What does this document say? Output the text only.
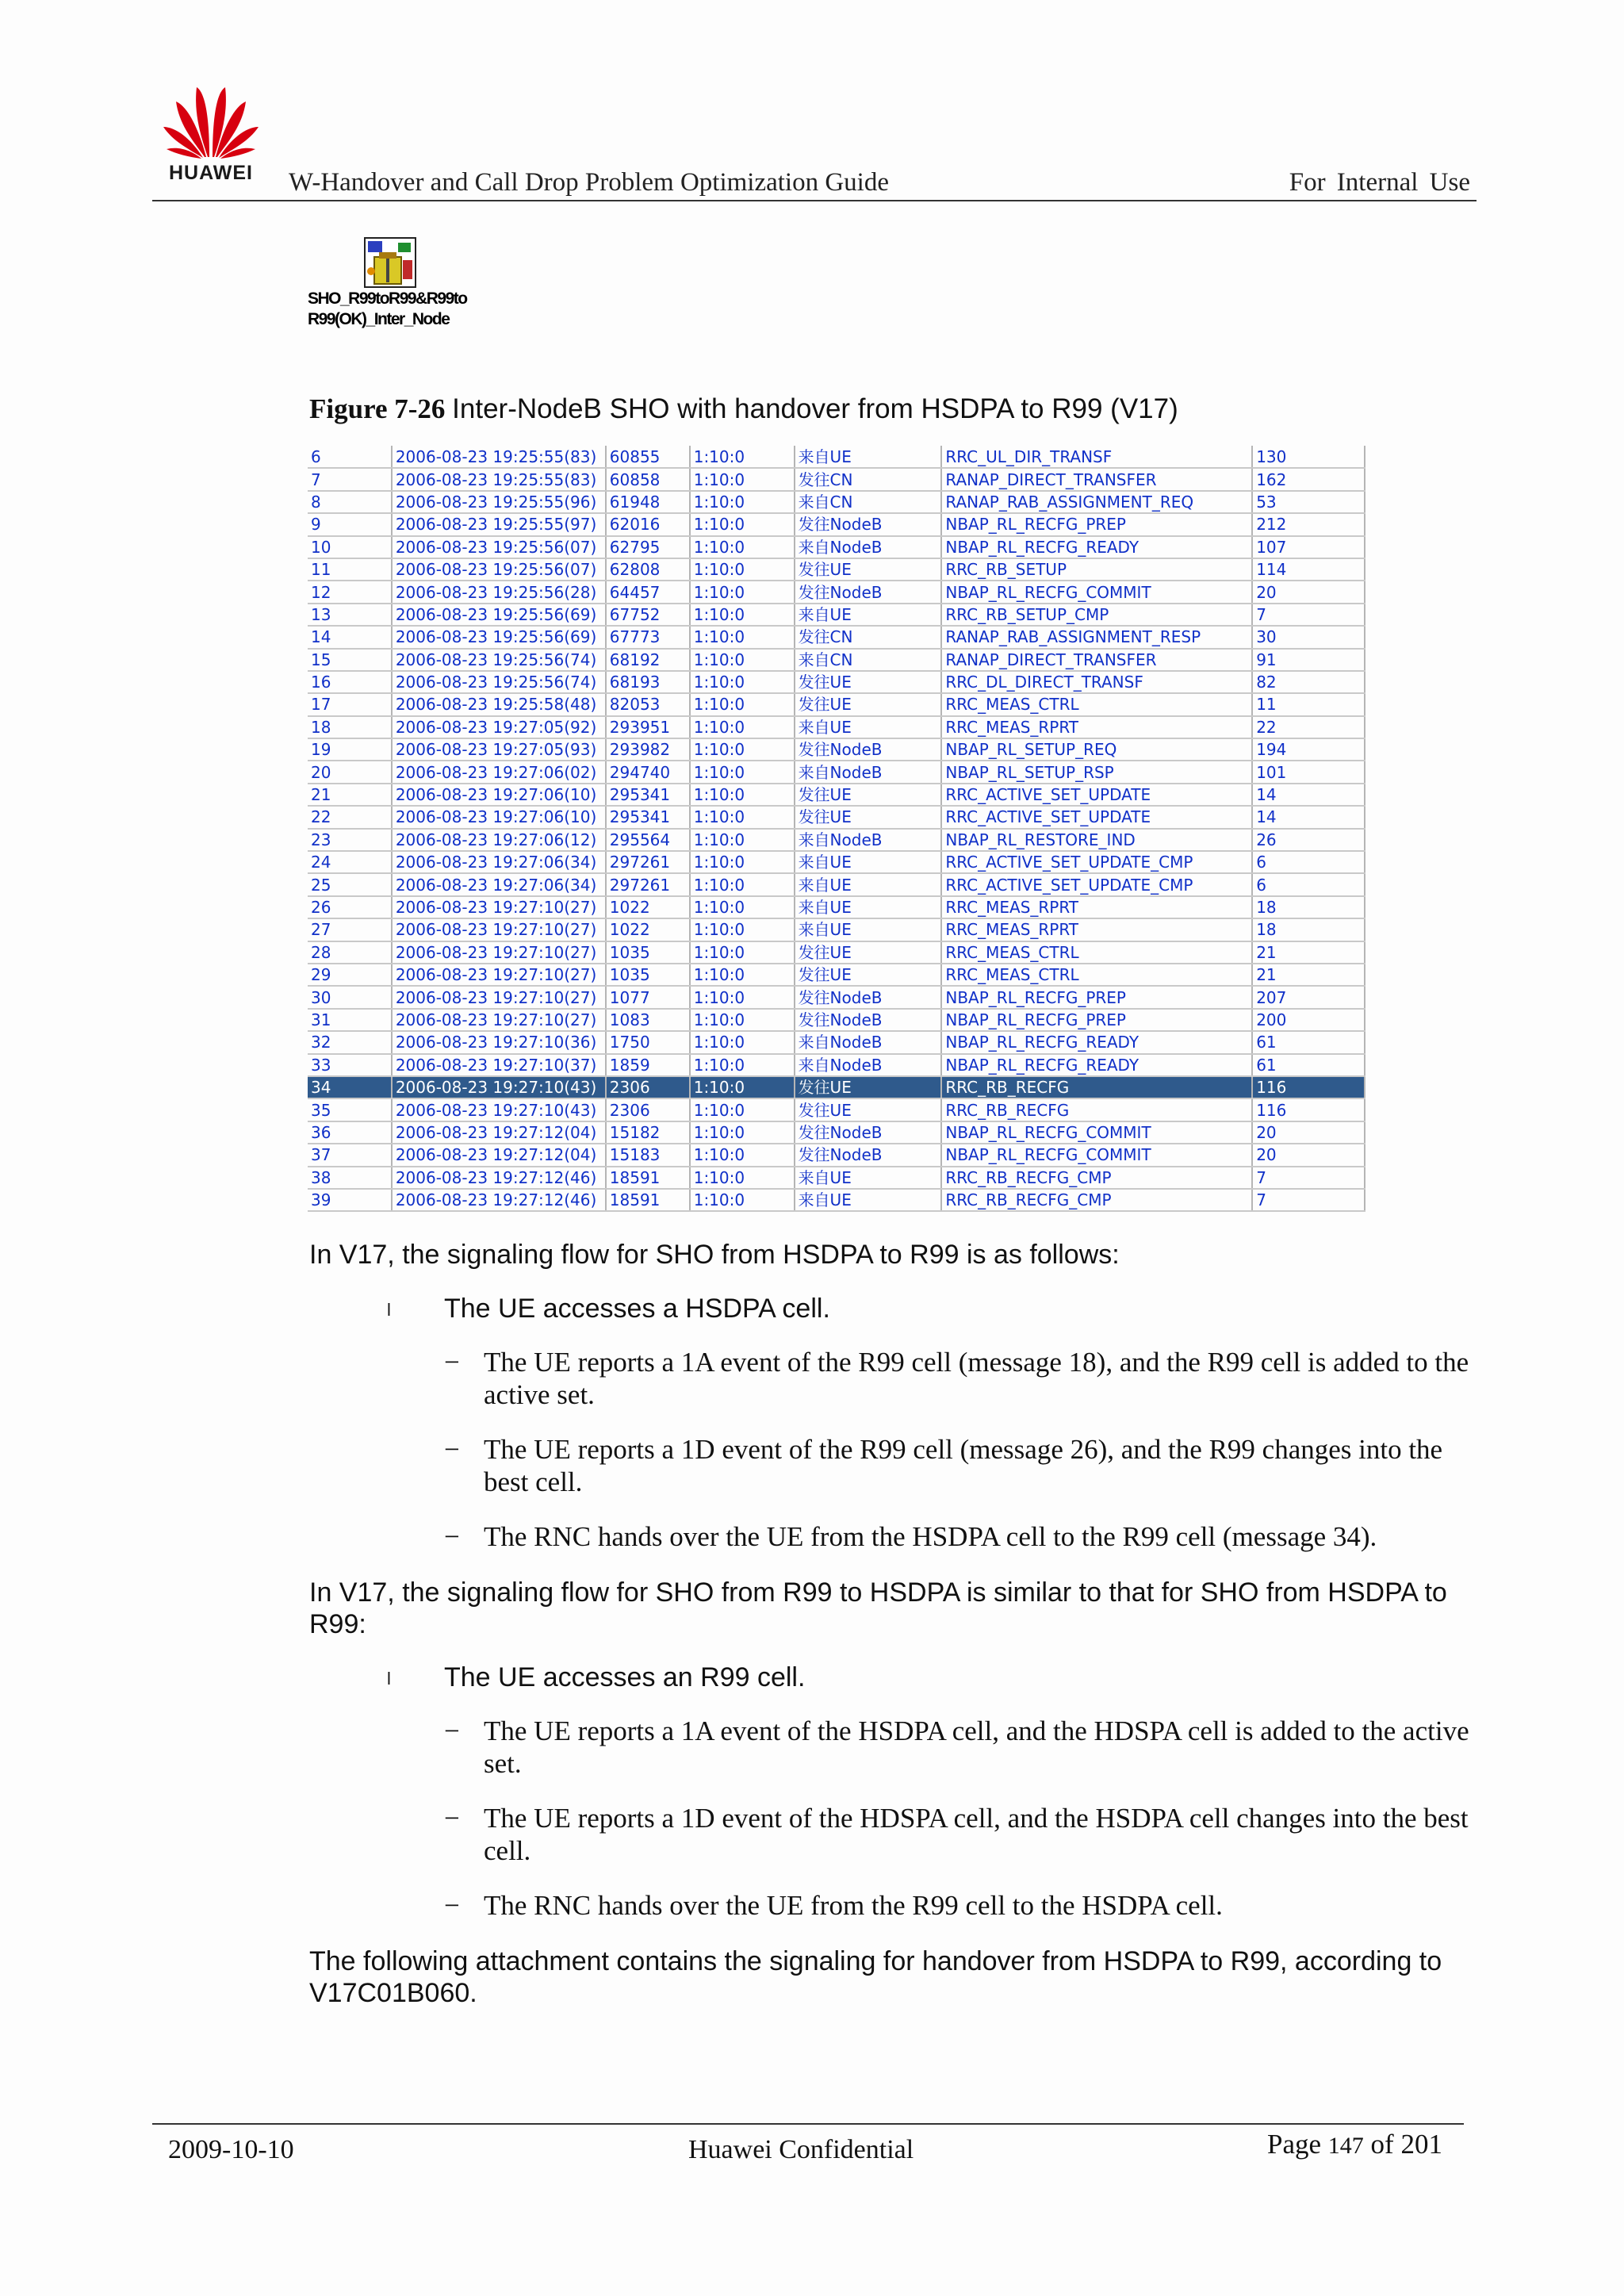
HUAWEI	W-Handover and Call Drop Problem Optimization Guide	For Internal Use
SHO_R99toR99&R99to
R99(OK)_Inter_Node
Figure 7-26 Inter-NodeB SHO with handover from HSDPA to R99 (V17)
6	2006-08-23 19:25:55(83)	60855	1:10:0	来自UE	RRC_UL_DIR_TRANSF	130
7	2006-08-23 19:25:55(83)	60858	1:10:0	发往CN	RANAP_DIRECT_TRANSFER	162
8	2006-08-23 19:25:55(96)	61948	1:10:0	来自CN	RANAP_RAB_ASSIGNMENT_REQ	53
9	2006-08-23 19:25:55(97)	62016	1:10:0	发往NodeB	NBAP_RL_RECFG_PREP	212
10	2006-08-23 19:25:56(07)	62795	1:10:0	来自NodeB	NBAP_RL_RECFG_READY	107
11	2006-08-23 19:25:56(07)	62808	1:10:0	发往UE	RRC_RB_SETUP	114
12	2006-08-23 19:25:56(28)	64457	1:10:0	发往NodeB	NBAP_RL_RECFG_COMMIT	20
13	2006-08-23 19:25:56(69)	67752	1:10:0	来自UE	RRC_RB_SETUP_CMP	7
14	2006-08-23 19:25:56(69)	67773	1:10:0	发往CN	RANAP_RAB_ASSIGNMENT_RESP	30
15	2006-08-23 19:25:56(74)	68192	1:10:0	来自CN	RANAP_DIRECT_TRANSFER	91
16	2006-08-23 19:25:56(74)	68193	1:10:0	发往UE	RRC_DL_DIRECT_TRANSF	82
17	2006-08-23 19:25:58(48)	82053	1:10:0	发往UE	RRC_MEAS_CTRL	11
18	2006-08-23 19:27:05(92)	293951	1:10:0	来自UE	RRC_MEAS_RPRT	22
19	2006-08-23 19:27:05(93)	293982	1:10:0	发往NodeB	NBAP_RL_SETUP_REQ	194
20	2006-08-23 19:27:06(02)	294740	1:10:0	来自NodeB	NBAP_RL_SETUP_RSP	101
21	2006-08-23 19:27:06(10)	295341	1:10:0	发往UE	RRC_ACTIVE_SET_UPDATE	14
22	2006-08-23 19:27:06(10)	295341	1:10:0	发往UE	RRC_ACTIVE_SET_UPDATE	14
23	2006-08-23 19:27:06(12)	295564	1:10:0	来自NodeB	NBAP_RL_RESTORE_IND	26
24	2006-08-23 19:27:06(34)	297261	1:10:0	来自UE	RRC_ACTIVE_SET_UPDATE_CMP	6
25	2006-08-23 19:27:06(34)	297261	1:10:0	来自UE	RRC_ACTIVE_SET_UPDATE_CMP	6
26	2006-08-23 19:27:10(27)	1022	1:10:0	来自UE	RRC_MEAS_RPRT	18
27	2006-08-23 19:27:10(27)	1022	1:10:0	来自UE	RRC_MEAS_RPRT	18
28	2006-08-23 19:27:10(27)	1035	1:10:0	发往UE	RRC_MEAS_CTRL	21
29	2006-08-23 19:27:10(27)	1035	1:10:0	发往UE	RRC_MEAS_CTRL	21
30	2006-08-23 19:27:10(27)	1077	1:10:0	发往NodeB	NBAP_RL_RECFG_PREP	207
31	2006-08-23 19:27:10(27)	1083	1:10:0	发往NodeB	NBAP_RL_RECFG_PREP	200
32	2006-08-23 19:27:10(36)	1750	1:10:0	来自NodeB	NBAP_RL_RECFG_READY	61
33	2006-08-23 19:27:10(37)	1859	1:10:0	来自NodeB	NBAP_RL_RECFG_READY	61
34	2006-08-23 19:27:10(43)	2306	1:10:0	发往UE	RRC_RB_RECFG	116
35	2006-08-23 19:27:10(43)	2306	1:10:0	发往UE	RRC_RB_RECFG	116
36	2006-08-23 19:27:12(04)	15182	1:10:0	发往NodeB	NBAP_RL_RECFG_COMMIT	20
37	2006-08-23 19:27:12(04)	15183	1:10:0	发往NodeB	NBAP_RL_RECFG_COMMIT	20
38	2006-08-23 19:27:12(46)	18591	1:10:0	来自UE	RRC_RB_RECFG_CMP	7
39	2006-08-23 19:27:12(46)	18591	1:10:0	来自UE	RRC_RB_RECFG_CMP	7
In V17, the signaling flow for SHO from HSDPA to R99 is as follows:
l The UE accesses a HSDPA cell.
− The UE reports a 1A event of the R99 cell (message 18), and the R99 cell is added to the active set.
− The UE reports a 1D event of the R99 cell (message 26), and the R99 changes into the best cell.
− The RNC hands over the UE from the HSDPA cell to the R99 cell (message 34).
In V17, the signaling flow for SHO from R99 to HSDPA is similar to that for SHO from HSDPA to R99:
l The UE accesses an R99 cell.
− The UE reports a 1A event of the HSDPA cell, and the HDSPA cell is added to the active set.
− The UE reports a 1D event of the HDSPA cell, and the HSDPA cell changes into the best cell.
− The RNC hands over the UE from the R99 cell to the HSDPA cell.
The following attachment contains the signaling for handover from HSDPA to R99, according to V17C01B060.
2009-10-10	Huawei Confidential	Page 147 of 201
